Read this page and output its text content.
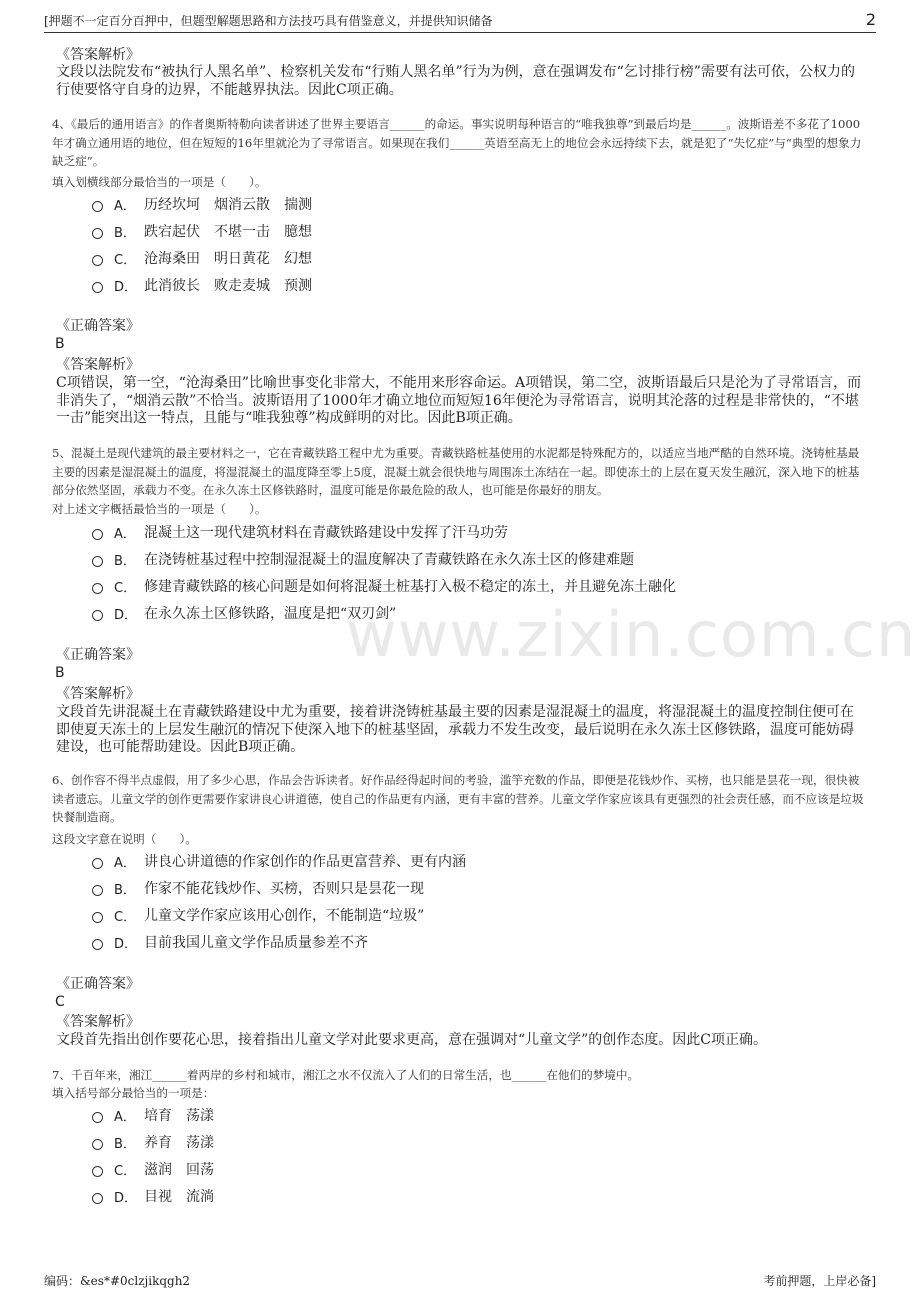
[押题不一定百分百押中，但题型解题思路和方法技巧具有借鉴意义，并提供知识储备	2
www.zixin.com.cn
《答案解析》
文段以法院发布“被执行人黑名单”、检察机关发布“行贿人黑名单”行为为例，意在强调发布“乞讨排行榜”需要有法可依，公权力的行使要恪守自身的边界，不能越界执法。因此C项正确。
4、《最后的通用语言》的作者奥斯特勒向读者讲述了世界主要语言______的命运。事实说明每种语言的“唯我独尊”到最后均是______。波斯语差不多花了1000年才确立通用语的地位，但在短短的16年里就沦为了寻常语言。如果现在我们______英语至高无上的地位会永远持续下去，就是犯了“失忆症”与“典型的想象力缺乏症”。
填入划横线部分最恰当的一项是（　　）。
A． 历经坎坷　烟消云散　揣测
B． 跌宕起伏　不堪一击　臆想
C． 沧海桑田　明日黄花　幻想
D． 此消彼长　败走麦城　预测
《正确答案》
B
《答案解析》
C项错误，第一空，“沧海桑田”比喻世事变化非常大，不能用来形容命运。A项错误，第二空，波斯语最后只是沦为了寻常语言，而非消失了，“烟消云散”不恰当。波斯语用了1000年才确立地位而短短16年便沦为寻常语言，说明其沦落的过程是非常快的，“不堪一击”能突出这一特点，且能与“唯我独尊”构成鲜明的对比。因此B项正确。
5、混凝土是现代建筑的最主要材料之一，它在青藏铁路工程中尤为重要。青藏铁路桩基使用的水泥都是特殊配方的，以适应当地严酷的自然环境。浇铸桩基最主要的因素是湿混凝土的温度，将湿混凝土的温度降至零上5度，混凝土就会很快地与周围冻土冻结在一起。即使冻土的上层在夏天发生融沉，深入地下的桩基部分依然坚固，承载力不变。在永久冻土区修铁路时，温度可能是你最危险的敌人，也可能是你最好的朋友。
对上述文字概括最恰当的一项是（　　）。
A． 混凝土这一现代建筑材料在青藏铁路建设中发挥了汗马功劳
B． 在浇铸桩基过程中控制湿混凝土的温度解决了青藏铁路在永久冻土区的修建难题
C． 修建青藏铁路的核心问题是如何将混凝土桩基打入极不稳定的冻土，并且避免冻土融化
D． 在永久冻土区修铁路，温度是把“双刃剑”
《正确答案》
B
《答案解析》
文段首先讲混凝土在青藏铁路建设中尤为重要，接着讲浇铸桩基最主要的因素是湿混凝土的温度，将湿混凝土的温度控制住便可在即使夏天冻土的上层发生融沉的情况下使深入地下的桩基坚固，承载力不发生改变，最后说明在永久冻土区修铁路，温度可能妨碍建设，也可能帮助建设。因此B项正确。
6、创作容不得半点虚假，用了多少心思，作品会告诉读者。好作品经得起时间的考验，滥竽充数的作品，即便是花钱炒作、买榜，也只能是昙花一现，很快被读者遗忘。儿童文学的创作更需要作家讲良心讲道德，使自己的作品更有内涵，更有丰富的营养。儿童文学作家应该具有更强烈的社会责任感，而不应该是垃圾快餐制造商。
这段文字意在说明（　　）。
A． 讲良心讲道德的作家创作的作品更富营养、更有内涵
B． 作家不能花钱炒作、买榜，否则只是昙花一现
C． 儿童文学作家应该用心创作，不能制造“垃圾”
D． 目前我国儿童文学作品质量参差不齐
《正确答案》
C
《答案解析》
文段首先指出创作要花心思，接着指出儿童文学对此要求更高，意在强调对“儿童文学”的创作态度。因此C项正确。
7、千百年来，湘江______着两岸的乡村和城市，湘江之水不仅流入了人们的日常生活，也______在他们的梦境中。
填入括号部分最恰当的一项是：
A． 培育　荡漾
B． 养育　荡漾
C． 滋润　回荡
D． 目视　流淌
编码：&es*#0clzjikqgh2	考前押题，上岸必备]
